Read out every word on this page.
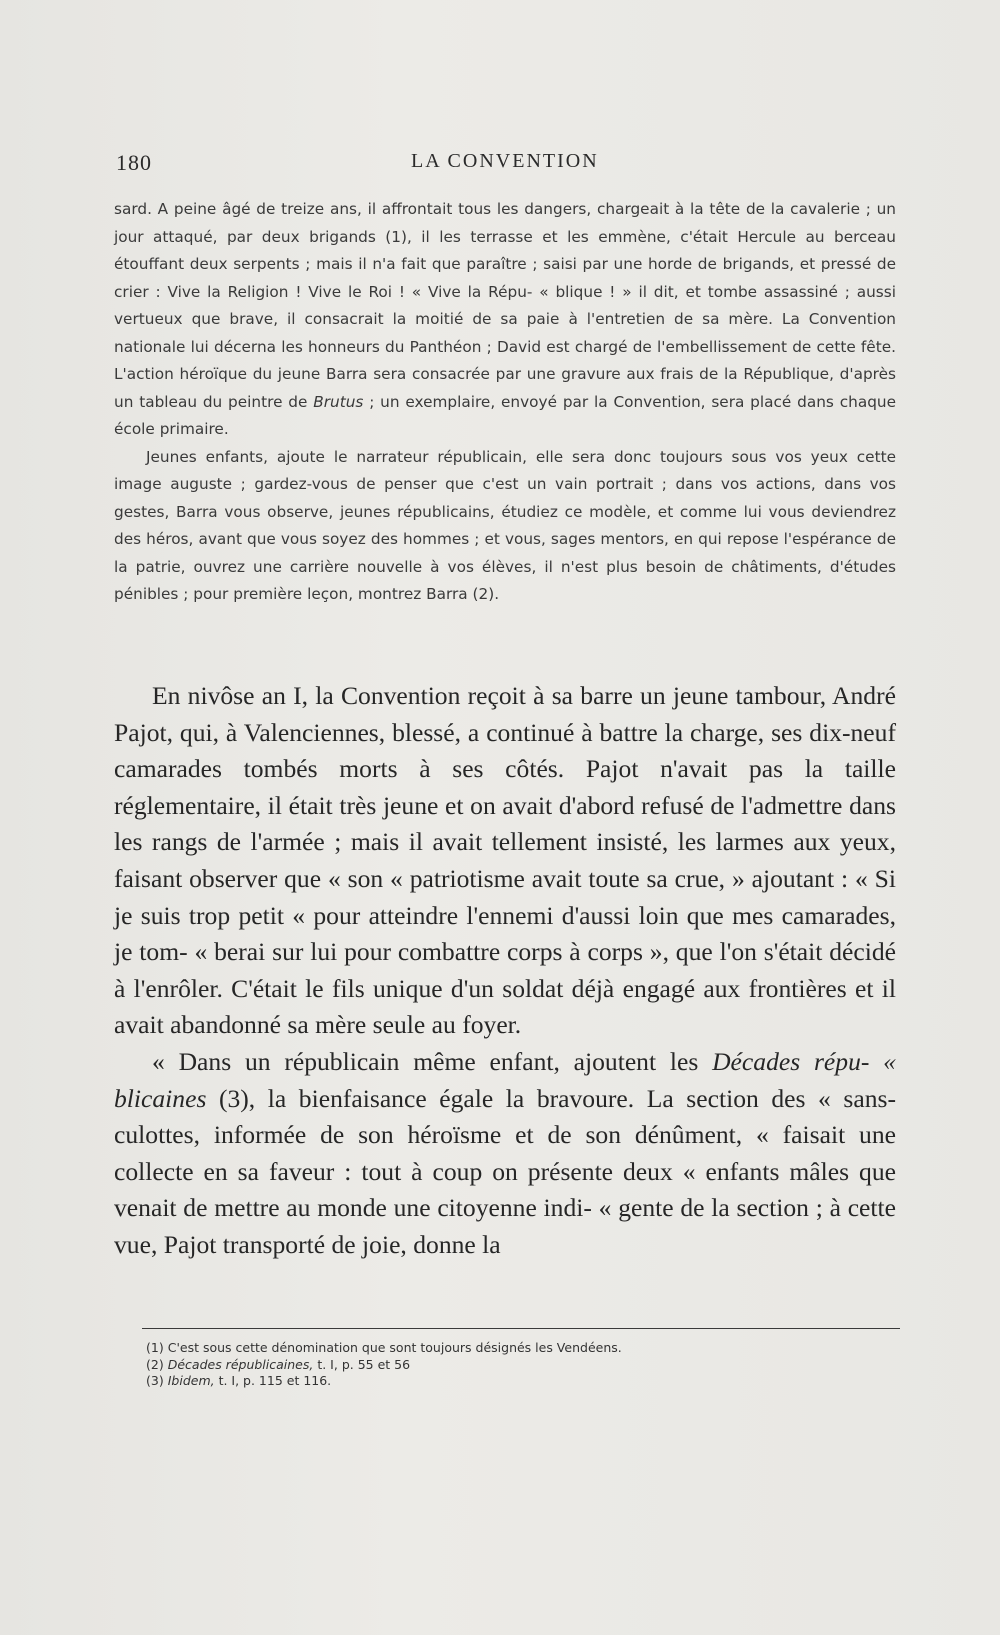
180	LA CONVENTION

sard. A peine âgé de treize ans, il affrontait tous les dangers, chargeait à la tête de la cavalerie ; un jour attaqué, par deux brigands (1), il les terrasse et les emmène, c'était Hercule au berceau étouffant deux serpents ; mais il n'a fait que paraître ; saisi par une horde de brigands, et pressé de crier : Vive la Religion ! Vive le Roi ! « Vive la Répu- « blique ! » il dit, et tombe assassiné ; aussi vertueux que brave, il consacrait la moitié de sa paie à l'entretien de sa mère. La Convention nationale lui décerna les honneurs du Panthéon ; David est chargé de l'embellissement de cette fête. L'action héroïque du jeune Barra sera consacrée par une gravure aux frais de la République, d'après un tableau du peintre de Brutus ; un exemplaire, envoyé par la Convention, sera placé dans chaque école primaire.

Jeunes enfants, ajoute le narrateur républicain, elle sera donc toujours sous vos yeux cette image auguste ; gardez-vous de penser que c'est un vain portrait ; dans vos actions, dans vos gestes, Barra vous observe, jeunes républicains, étudiez ce modèle, et comme lui vous deviendrez des héros, avant que vous soyez des hommes ; et vous, sages mentors, en qui repose l'espérance de la patrie, ouvrez une carrière nouvelle à vos élèves, il n'est plus besoin de châtiments, d'études pénibles ; pour première leçon, montrez Barra (2).

En nivôse an I, la Convention reçoit à sa barre un jeune tambour, André Pajot, qui, à Valenciennes, blessé, a continué à battre la charge, ses dix-neuf camarades tombés morts à ses côtés. Pajot n'avait pas la taille réglementaire, il était très jeune et on avait d'abord refusé de l'admettre dans les rangs de l'armée ; mais il avait tellement insisté, les larmes aux yeux, faisant observer que « son « patriotisme avait toute sa crue, » ajoutant : « Si je suis trop petit « pour atteindre l'ennemi d'aussi loin que mes camarades, je tom- « berai sur lui pour combattre corps à corps », que l'on s'était décidé à l'enrôler. C'était le fils unique d'un soldat déjà engagé aux frontières et il avait abandonné sa mère seule au foyer.

« Dans un républicain même enfant, ajoutent les Décades répu- « blicaines (3), la bienfaisance égale la bravoure. La section des « sans-culottes, informée de son héroïsme et de son dénûment, « faisait une collecte en sa faveur : tout à coup on présente deux « enfants mâles que venait de mettre au monde une citoyenne indi- « gente de la section ; à cette vue, Pajot transporté de joie, donne la

(1) C'est sous cette dénomination que sont toujours désignés les Vendéens.
(2) Décades républicaines, t. I, p. 55 et 56
(3) Ibidem, t. I, p. 115 et 116.
